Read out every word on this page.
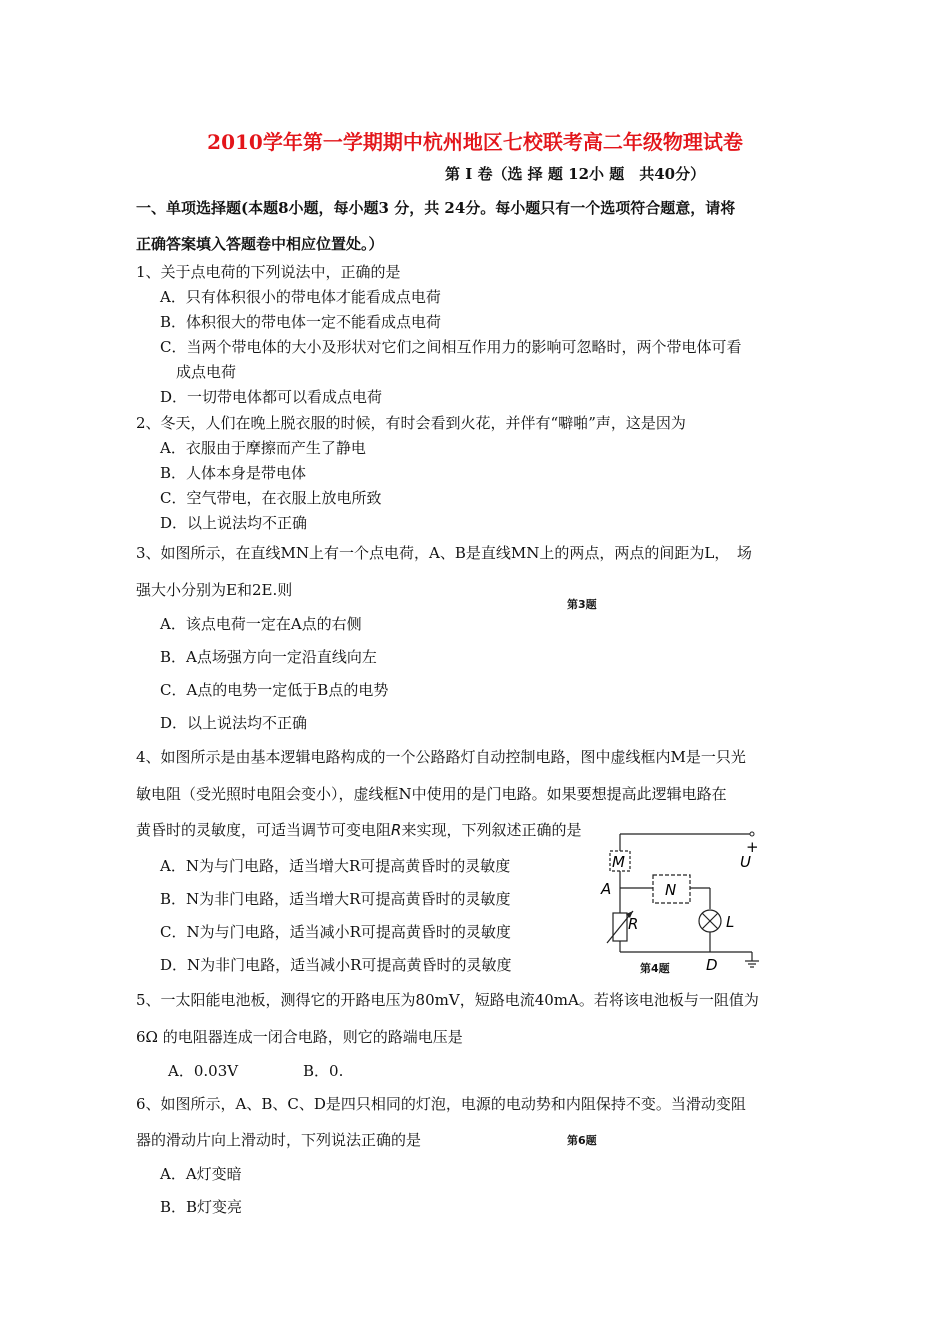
2010学年第一学期期中杭州地区七校联考高二年级物理试卷
第 I 卷（选 择 题 12小 题　共40分）
一、单项选择题(本题8小题，每小题3 分，共 24分。每小题只有一个选项符合题意，请将
正确答案填入答题卷中相应位置处。）
1、关于点电荷的下列说法中，正确的是
A．只有体积很小的带电体才能看成点电荷
B．体积很大的带电体一定不能看成点电荷
C．当两个带电体的大小及形状对它们之间相互作用力的影响可忽略时，两个带电体可看
成点电荷
D．一切带电体都可以看成点电荷
2、冬天，人们在晚上脱衣服的时候，有时会看到火花，并伴有“噼啪”声，这是因为
A．衣服由于摩擦而产生了静电
B．人体本身是带电体
C．空气带电，在衣服上放电所致
D．以上说法均不正确
3、如图所示，在直线MN上有一个点电荷，A、B是直线MN上的两点，两点的间距为L，　场
强大小分别为E和2E.则
第3题
A．该点电荷一定在A点的右侧
B．A点场强方向一定沿直线向左
C．A点的电势一定低于B点的电势
D．以上说法均不正确
4、如图所示是由基本逻辑电路构成的一个公路路灯自动控制电路，图中虚线框内M是一只光
敏电阻（受光照时电阻会变小），虚线框N中使用的是门电路。如果要想提高此逻辑电路在
黄昏时的灵敏度，可适当调节可变电阻R来实现，下列叙述正确的是
A．N为与门电路，适当增大R可提高黄昏时的灵敏度
B．N为非门电路，适当增大R可提高黄昏时的灵敏度
C．N为与门电路，适当减小R可提高黄昏时的灵敏度
D．N为非门电路，适当减小R可提高黄昏时的灵敏度
+
U
M
A	N
L
R
D
第4题
5、一太阳能电池板，测得它的开路电压为80mV，短路电流40mA。若将该电池板与一阻值为
6Ω 的电阻器连成一闭合电路，则它的路端电压是
A．0.03V	B．0.
6、如图所示，A、B、C、D是四只相同的灯泡，电源的电动势和内阻保持不变。当滑动变阻
器的滑动片向上滑动时，下列说法正确的是	第6题
A．A灯变暗
B．B灯变亮
